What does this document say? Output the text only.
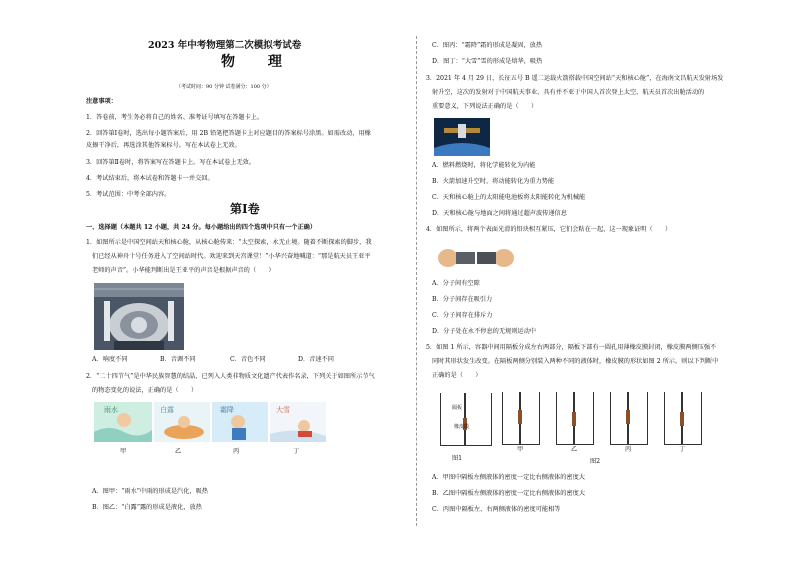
2023 年中考物理第二次模拟考试卷
物 理
（考试时间：90 分钟 试卷满分：100 分）
注意事项：
1．答卷前，考生务必将自己的姓名、准考证号填写在答题卡上。
2．回答第Ⅰ卷时，选出每小题答案后，用 2B 铅笔把答题卡上对应题目的答案标号涂黑。如需改动，用橡
皮擦干净后，再选涂其他答案标号。写在本试卷上无效。
3．回答第Ⅱ卷时，将答案写在答题卡上。写在本试卷上无效。
4．考试结束后，将本试卷和答题卡一并交回。
5．考试范围：中考全部内容。
第Ⅰ卷
一、选择题（本题共 12 小题，共 24 分。每小题给出的四个选项中只有一个正确）
1．如图所示是中国空间站天和核心舱，从核心舱传来：“太空探索，永无止境。随着不断探索的脚步，我
们已经从神舟十号任务进入了空间站时代。欢迎来到天宫课堂！”小华兴奋地喊道：“那是航天员王亚平
老师的声音”。小华能判断出是王亚平的声音是根据声音的（　　）
A．响度不同	B．音调不同	C．音色不同	D．音速不同
2．“二十四节气”是中华民族智慧的结晶，已列入人类非物质文化遗产代表作名录，下列关于如图所示节气
的物态变化的说法，正确的是（　　）
雨水	白露	霜降	大雪
甲	乙	丙	丁
A．图甲：“雨水”中雨的形成是汽化，吸热
B．图乙：“白露”露的形成是液化，放热
C．图丙：“霜降”霜的形成是凝固，放热
D．图丁：“大雪”雪的形成是熔华，吸热
3．2021 年 4 月 29 日，长征五号 B 遥二运载火箭搭载中国空间站“天和核心舱”，在海南文昌航天发射场发
射升空，这次的发射对于中国航天事业，具有并不亚于中国人首次登上太空、航天员首次出舱活动的
重要意义，下列说法正确的是（　　）
A．燃料燃烧时，将化学能转化为内能
B．火箭加速升空时，将动能转化为重力势能
C．天和核心舱上的太阳能电池板将太阳能转化为机械能
D．天和核心舱与地面之间将通过超声波传递信息
4．如图所示，将两个表面光滑的铅块相互紧压，它们会粘在一起，这一现象证明（　　）
A．分子间有空隙
B．分子间存在吸引力
C．分子间存在排斥力
D．分子处在永不停息的无规则运动中
5．如图 1 所示，容器中间用隔板分成左右两部分，隔板下部有一圆孔用薄橡皮膜封闭，橡皮膜两侧压强不
同时其形状发生改变。在隔板两侧分别装入两种不同的液体时，橡皮膜的形状如图 2 所示。则以下判断中
正确的是（　　）
隔板
橡皮膜
图1
甲	乙	丙	丁
图2
A．甲图中隔板左侧液体的密度一定比右侧液体的密度大
B．乙图中隔板左侧液体的密度一定比右侧液体的密度大
C．丙图中隔板左、右两侧液体的密度可能相等
